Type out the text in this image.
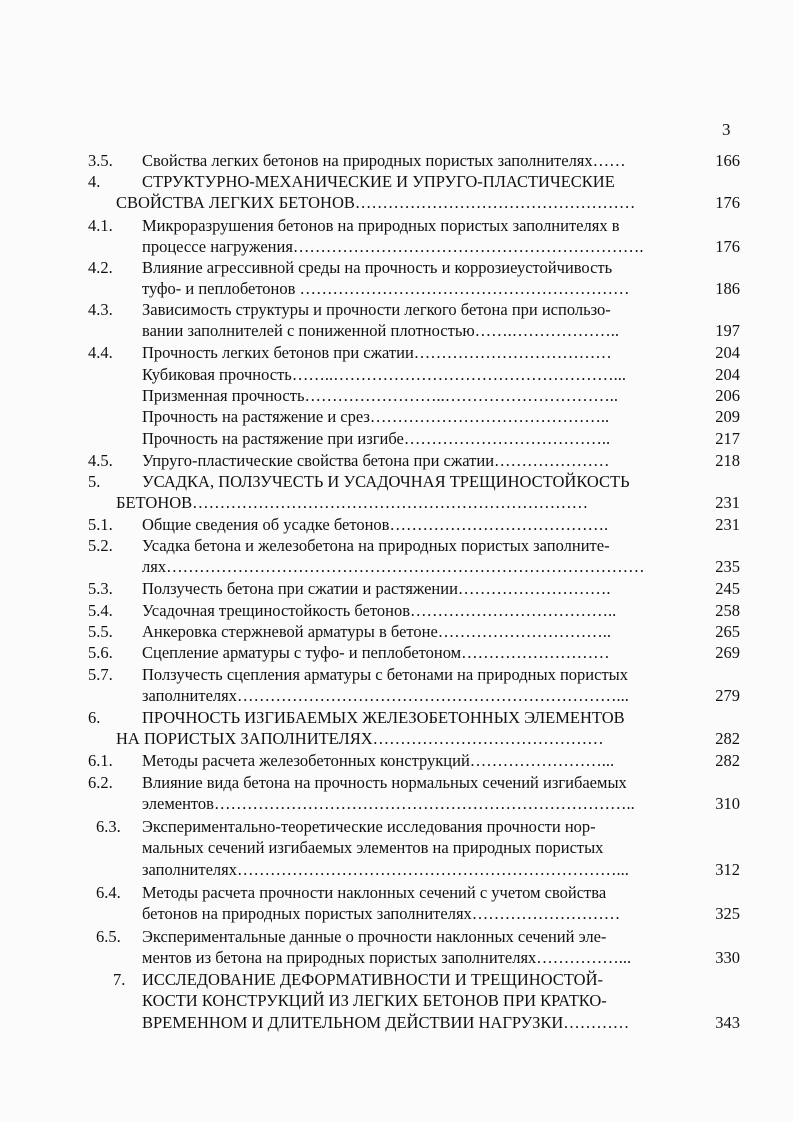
3
3.5. Свойства легких бетонов на природных пористых заполнителях……	166
4.	СТРУКТУРНО-МЕХАНИЧЕСКИЕ И УПРУГО-ПЛАСТИЧЕСКИЕ
СВОЙСТВА ЛЕГКИХ БЕТОНОВ……………………………………………	176
4.1. Микроразрушения бетонов на природных пористых заполнителях в
процессе нагружения……………………………………………………….	176
4.2. Влияние агрессивной среды на прочность и коррозиеустойчивость
туфо- и пеплобетонов ……………………………………………………	186
4.3. Зависимость структуры и прочности легкого бетона при использо-
вании заполнителей с пониженной плотностью…….………………..	197
4.4. Прочность легких бетонов при сжатии………………………………	204
Кубиковая прочность……..……………………………………………...	204
Призменная прочность……………………..…………………………..	206
Прочность на растяжение и срез……………………………………..	209
Прочность на растяжение при изгибе………………………………..	217
4.5. Упруго-пластические свойства бетона при сжатии…………………	218
5.	УСАДКА, ПОЛЗУЧЕСТЬ И УСАДОЧНАЯ ТРЕЩИНОСТОЙКОСТЬ
БЕТОНОВ………………………………………………………………	231
5.1. Общие сведения об усадке бетонов………………………………….	231
5.2. Усадка бетона и железобетона на природных пористых заполните-
лях……………………………………………………………………………	235
5.3. Ползучесть бетона при сжатии и растяжении……………………….	245
5.4. Усадочная трещиностойкость бетонов………………………………..	258
5.5. Анкеровка стержневой арматуры в бетоне…………………………..	265
5.6. Сцепление арматуры с туфо- и пеплобетоном………………………	269
5.7. Ползучесть сцепления арматуры с бетонами на природных пористых
заполнителях……………………………………………………………...	279
6.	ПРОЧНОСТЬ ИЗГИБАЕМЫХ ЖЕЛЕЗОБЕТОННЫХ ЭЛЕМЕНТОВ
НА ПОРИСТЫХ ЗАПОЛНИТЕЛЯХ……………………………………	282
6.1. Методы расчета железобетонных конструкций……………………...	282
6.2. Влияние вида бетона на прочность нормальных сечений изгибаемых
элементов…………………………………………………………………..	310
6.3. Экспериментально-теоретические исследования прочности нор-
мальных сечений изгибаемых элементов на природных пористых
заполнителях……………………………………………………………...	312
6.4. Методы расчета прочности наклонных сечений с учетом свойства
бетонов на природных пористых заполнителях………………………	325
6.5. Экспериментальные данные о прочности наклонных сечений эле-
ментов из бетона на природных пористых заполнителях……………...	330
7. ИССЛЕДОВАНИЕ ДЕФОРМАТИВНОСТИ И ТРЕЩИНОСТОЙ-
КОСТИ КОНСТРУКЦИЙ ИЗ ЛЕГКИХ БЕТОНОВ ПРИ КРАТКО-
ВРЕМЕННОМ И ДЛИТЕЛЬНОМ ДЕЙСТВИИ НАГРУЗКИ…………	343
